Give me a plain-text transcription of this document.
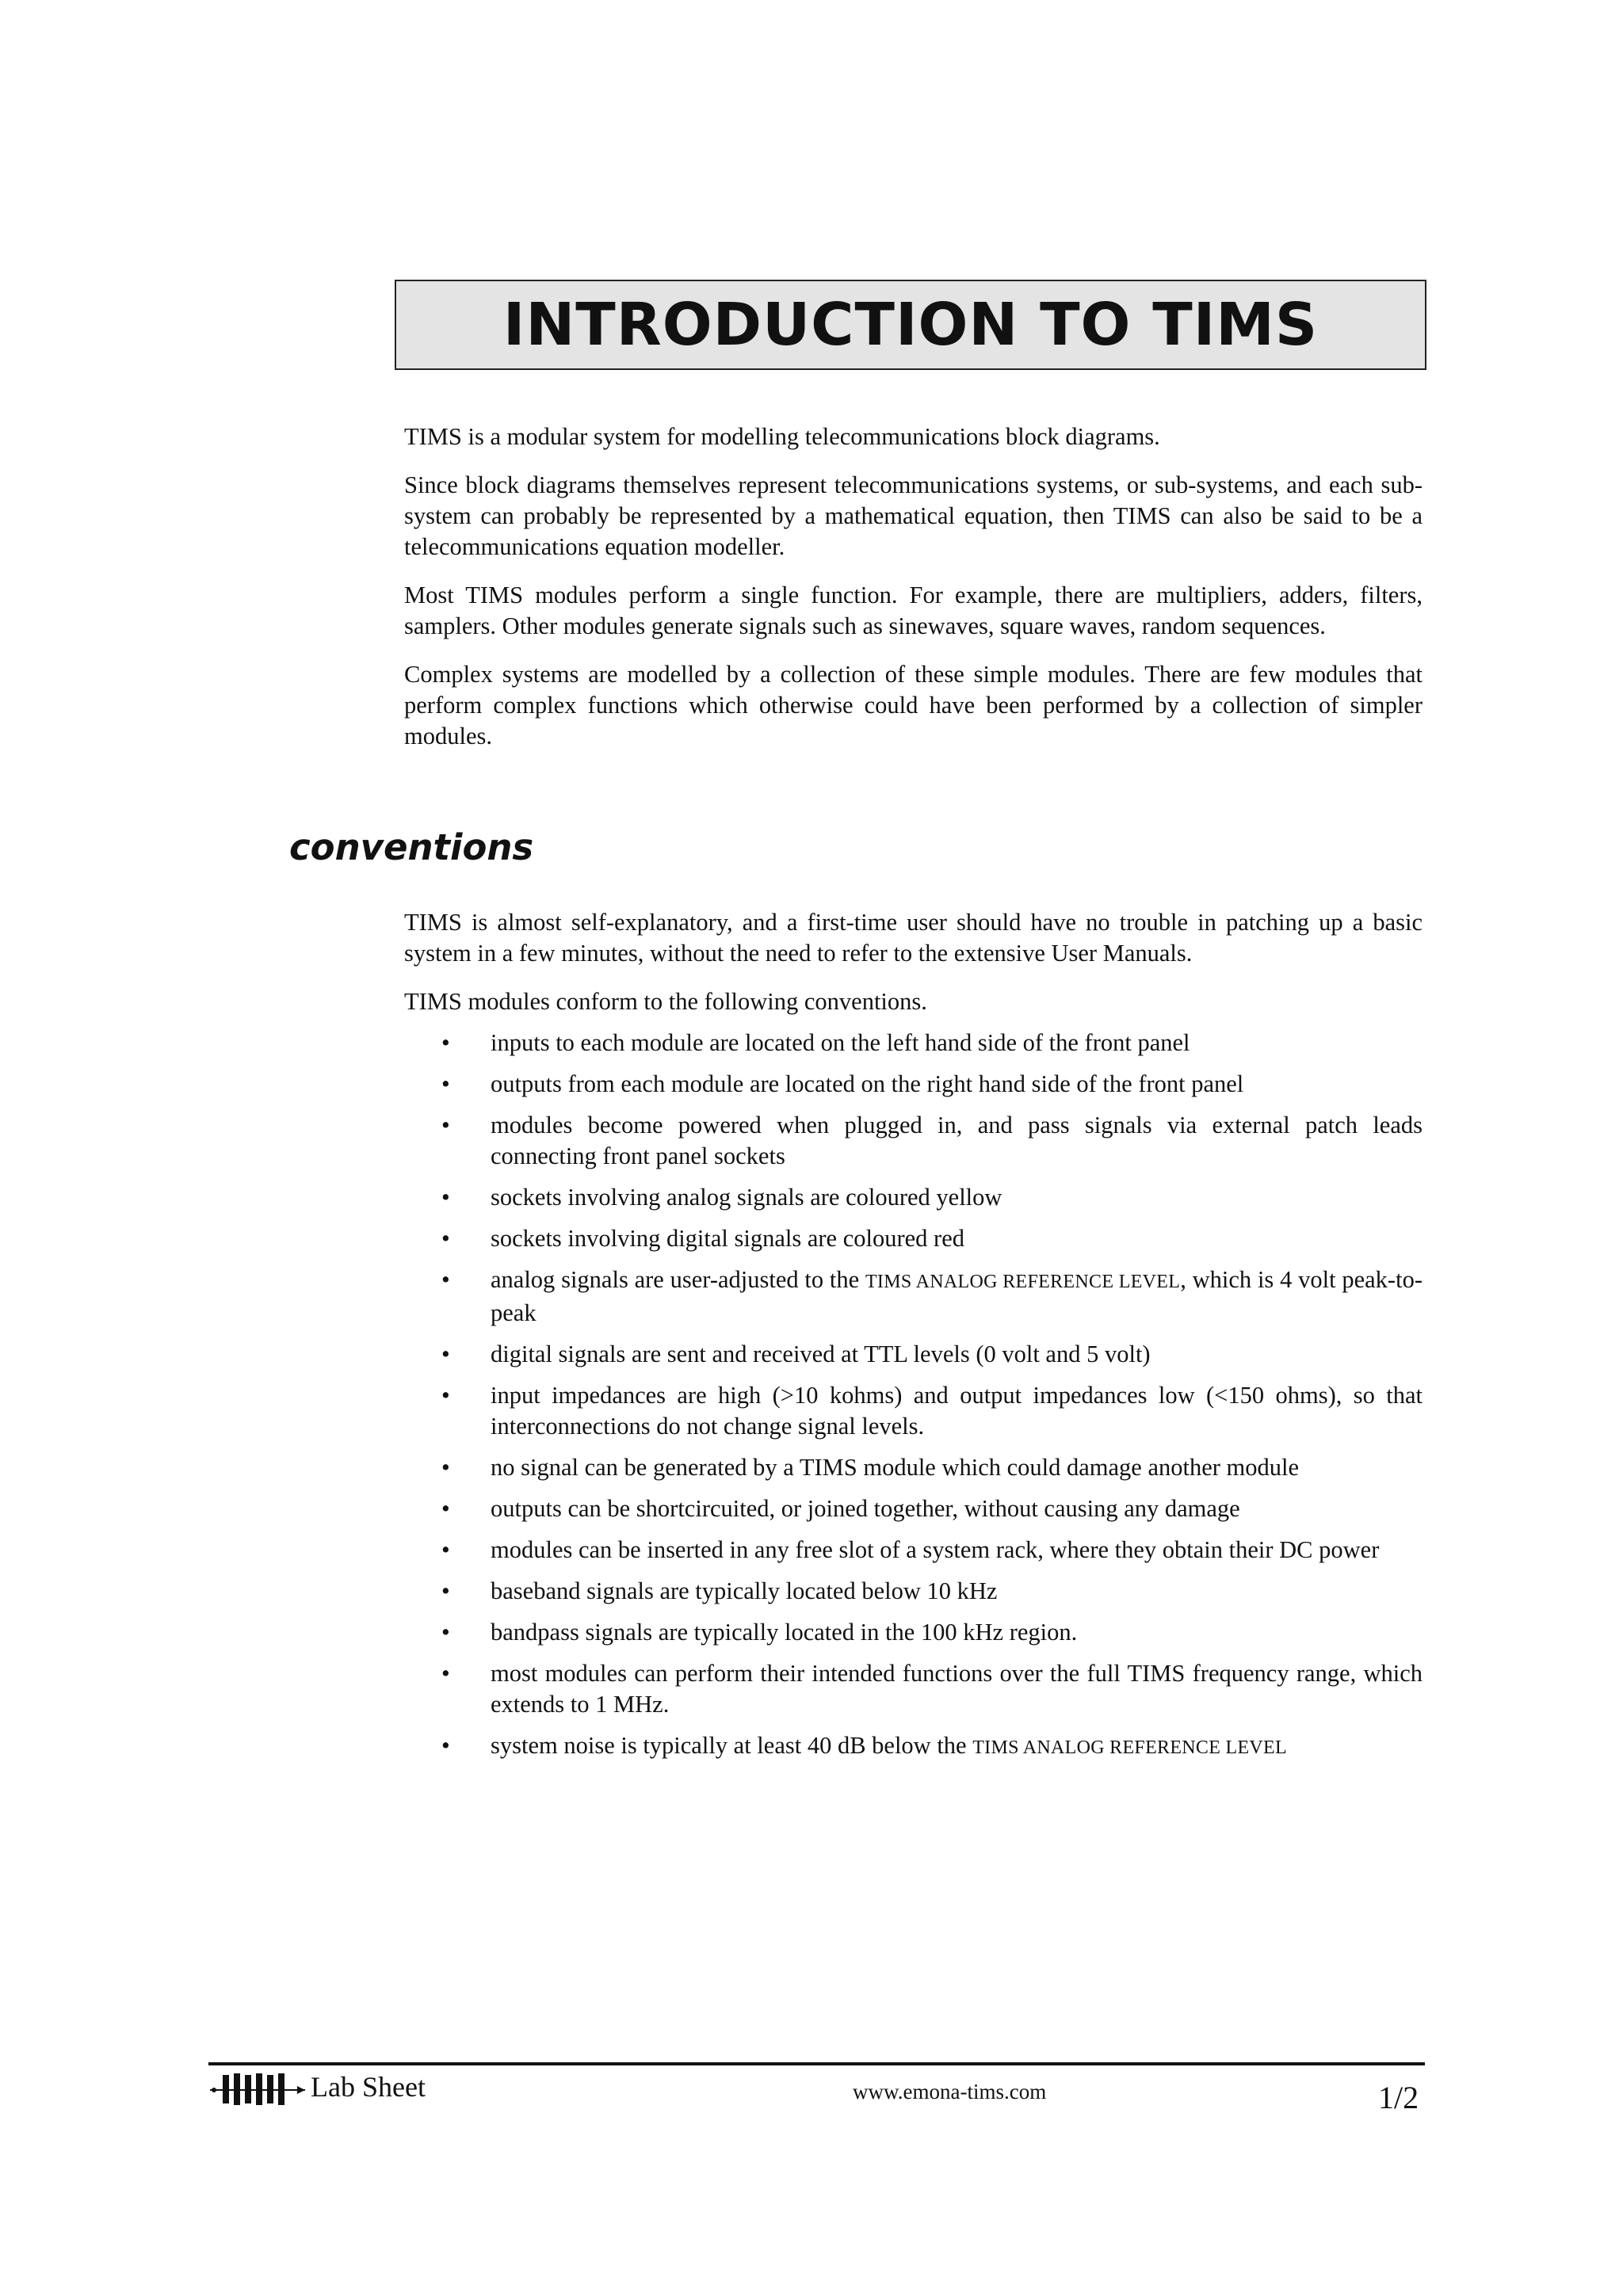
INTRODUCTION TO TIMS

TIMS is a modular system for modelling telecommunications block diagrams.

Since block diagrams themselves represent telecommunications systems, or sub-systems, and each sub-system can probably be represented by a mathematical equation, then TIMS can also be said to be a telecommunications equation modeller.

Most TIMS modules perform a single function. For example, there are multipliers, adders, filters, samplers. Other modules generate signals such as sinewaves, square waves, random sequences.

Complex systems are modelled by a collection of these simple modules. There are few modules that perform complex functions which otherwise could have been performed by a collection of simpler modules.

conventions

TIMS is almost self-explanatory, and a first-time user should have no trouble in patching up a basic system in a few minutes, without the need to refer to the extensive User Manuals.

TIMS modules conform to the following conventions.

• inputs to each module are located on the left hand side of the front panel
• outputs from each module are located on the right hand side of the front panel
• modules become powered when plugged in, and pass signals via external patch leads connecting front panel sockets
• sockets involving analog signals are coloured yellow
• sockets involving digital signals are coloured red
• analog signals are user-adjusted to the TIMS ANALOG REFERENCE LEVEL, which is 4 volt peak-to-peak
• digital signals are sent and received at TTL levels (0 volt and 5 volt)
• input impedances are high (>10 kohms) and output impedances low (<150 ohms), so that interconnections do not change signal levels.
• no signal can be generated by a TIMS module which could damage another module
• outputs can be shortcircuited, or joined together, without causing any damage
• modules can be inserted in any free slot of a system rack, where they obtain their DC power
• baseband signals are typically located below 10 kHz
• bandpass signals are typically located in the 100 kHz region.
• most modules can perform their intended functions over the full TIMS frequency range, which extends to 1 MHz.
• system noise is typically at least 40 dB below the TIMS ANALOG REFERENCE LEVEL
Lab Sheet	www.emona-tims.com	1/2
